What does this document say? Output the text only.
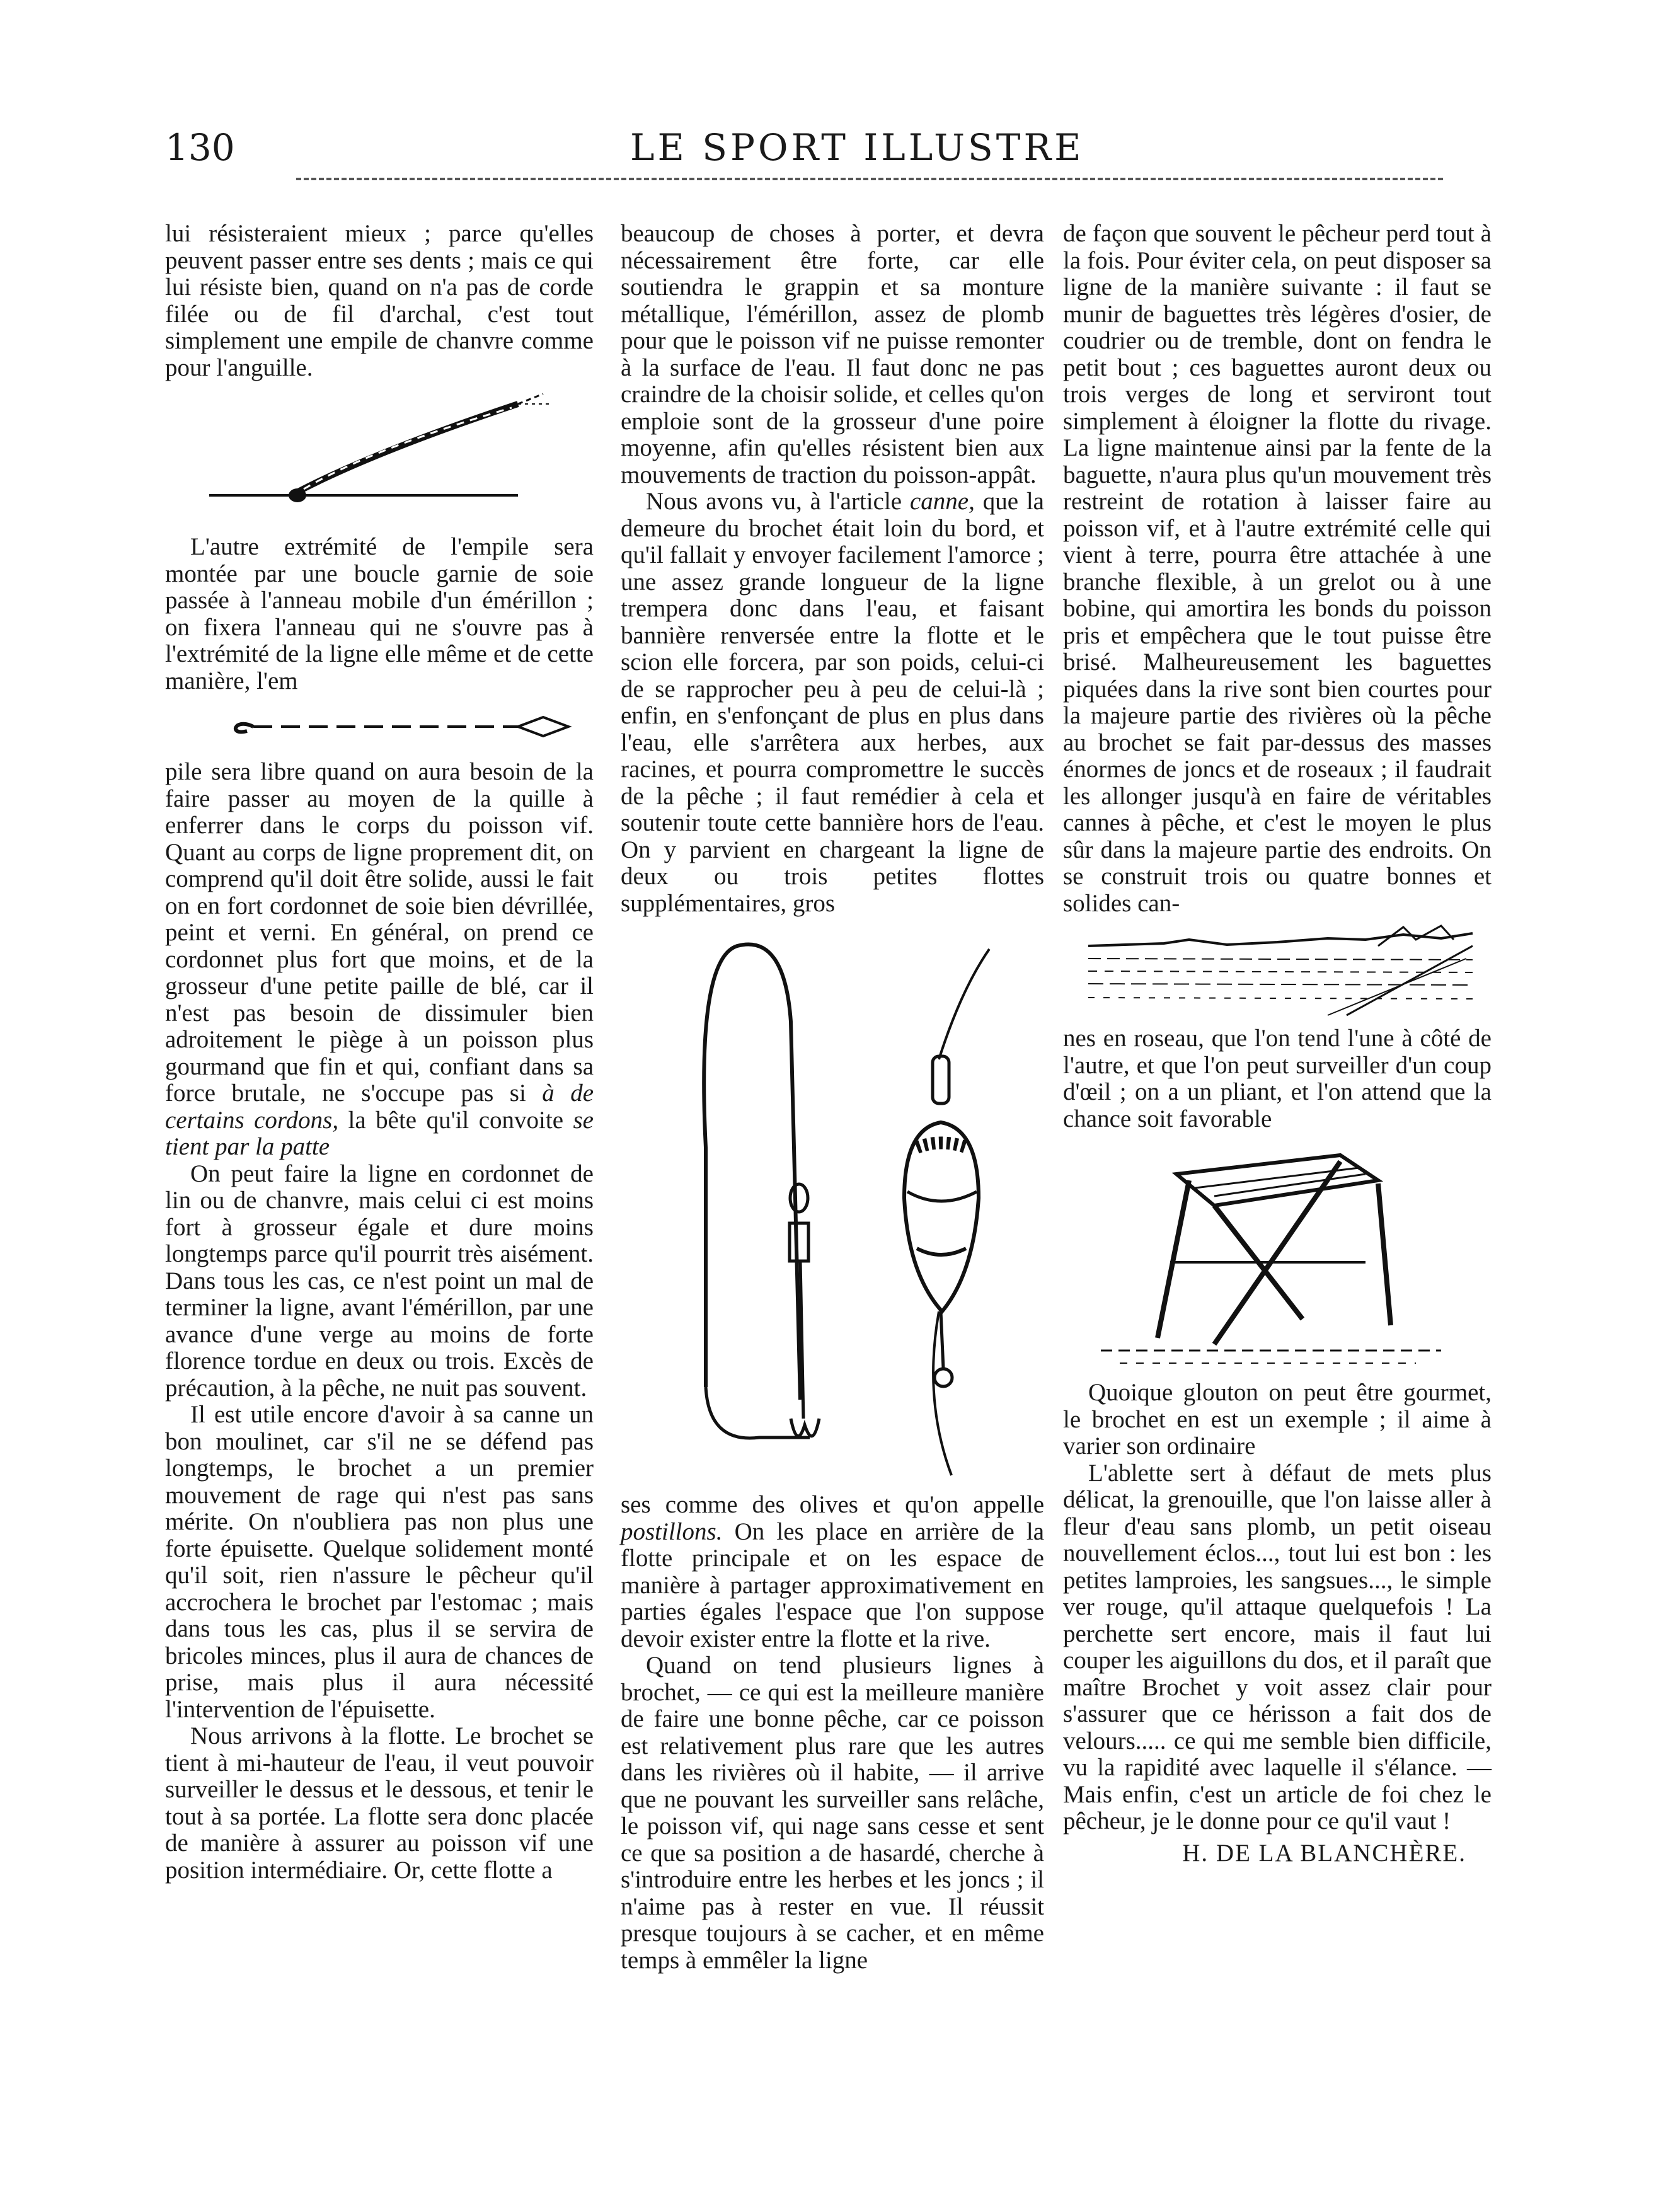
130	LE SPORT ILLUSTRE

lui résisteraient mieux ; parce qu'elles peuvent passer entre ses dents ; mais ce qui lui résiste bien, quand on n'a pas de corde filée ou de fil d'archal, c'est tout simplement une empile de chanvre comme pour l'anguille.

L'autre extrémité de l'empile sera montée par une boucle garnie de soie passée à l'anneau mobile d'un émérillon ; on fixera l'anneau qui ne s'ouvre pas à l'extrémité de la ligne elle même et de cette manière, l'em

pile sera libre quand on aura besoin de la faire passer au moyen de la quille à enferrer dans le corps du poisson vif. Quant au corps de ligne proprement dit, on comprend qu'il doit être solide, aussi le fait on en fort cordonnet de soie bien dévrillée, peint et verni. En général, on prend ce cordonnet plus fort que moins, et de la grosseur d'une petite paille de blé, car il n'est pas besoin de dissimuler bien adroitement le piège à un poisson plus gourmand que fin et qui, confiant dans sa force brutale, ne s'occupe pas si à de certains cordons, la bête qu'il convoite se tient par la patte

On peut faire la ligne en cordonnet de lin ou de chanvre, mais celui ci est moins fort à grosseur égale et dure moins longtemps parce qu'il pourrit très aisément. Dans tous les cas, ce n'est point un mal de terminer la ligne, avant l'émérillon, par une avance d'une verge au moins de forte florence tordue en deux ou trois. Excès de précaution, à la pêche, ne nuit pas souvent.

Il est utile encore d'avoir à sa canne un bon moulinet, car s'il ne se défend pas longtemps, le brochet a un premier mouvement de rage qui n'est pas sans mérite. On n'oubliera pas non plus une forte épuisette. Quelque solidement monté qu'il soit, rien n'assure le pêcheur qu'il accrochera le brochet par l'estomac ; mais dans tous les cas, plus il se servira de bricoles minces, plus il aura de chances de prise, mais plus il aura nécessité l'intervention de l'épuisette.

Nous arrivons à la flotte. Le brochet se tient à mi-hauteur de l'eau, il veut pouvoir surveiller le dessus et le dessous, et tenir le tout à sa portée. La flotte sera donc placée de manière à assurer au poisson vif une position intermédiaire. Or, cette flotte a

beaucoup de choses à porter, et devra nécessairement être forte, car elle soutiendra le grappin et sa monture métallique, l'émérillon, assez de plomb pour que le poisson vif ne puisse remonter à la surface de l'eau. Il faut donc ne pas craindre de la choisir solide, et celles qu'on emploie sont de la grosseur d'une poire moyenne, afin qu'elles résistent bien aux mouvements de traction du poisson-appât.

Nous avons vu, à l'article canne, que la demeure du brochet était loin du bord, et qu'il fallait y envoyer facilement l'amorce ; une assez grande longueur de la ligne trempera donc dans l'eau, et faisant bannière renversée entre la flotte et le scion elle forcera, par son poids, celui-ci de se rapprocher peu à peu de celui-là ; enfin, en s'enfonçant de plus en plus dans l'eau, elle s'arrêtera aux herbes, aux racines, et pourra compromettre le succès de la pêche ; il faut remédier à cela et soutenir toute cette bannière hors de l'eau. On y parvient en chargeant la ligne de deux ou trois petites flottes supplémentaires, gros

ses comme des olives et qu'on appelle postillons. On les place en arrière de la flotte principale et on les espace de manière à partager approximativement en parties égales l'espace que l'on suppose devoir exister entre la flotte et la rive.

Quand on tend plusieurs lignes à brochet, — ce qui est la meilleure manière de faire une bonne pêche, car ce poisson est relativement plus rare que les autres dans les rivières où il habite, — il arrive que ne pouvant les surveiller sans relâche, le poisson vif, qui nage sans cesse et sent ce que sa position a de hasardé, cherche à s'introduire entre les herbes et les joncs ; il n'aime pas à rester en vue. Il réussit presque toujours à se cacher, et en même temps à emmêler la ligne

de façon que souvent le pêcheur perd tout à la fois. Pour éviter cela, on peut disposer sa ligne de la manière suivante : il faut se munir de baguettes très légères d'osier, de coudrier ou de tremble, dont on fendra le petit bout ; ces baguettes auront deux ou trois verges de long et serviront tout simplement à éloigner la flotte du rivage. La ligne maintenue ainsi par la fente de la baguette, n'aura plus qu'un mouvement très restreint de rotation à laisser faire au poisson vif, et à l'autre extrémité celle qui vient à terre, pourra être attachée à une branche flexible, à un grelot ou à une bobine, qui amortira les bonds du poisson pris et empêchera que le tout puisse être brisé. Malheureusement les baguettes piquées dans la rive sont bien courtes pour la majeure partie des rivières où la pêche au brochet se fait par-dessus des masses énormes de joncs et de roseaux ; il faudrait les allonger jusqu'à en faire de véritables cannes à pêche, et c'est le moyen le plus sûr dans la majeure partie des endroits. On se construit trois ou quatre bonnes et solides can-

nes en roseau, que l'on tend l'une à côté de l'autre, et que l'on peut surveiller d'un coup d'œil ; on a un pliant, et l'on attend que la chance soit favorable

Quoique glouton on peut être gourmet, le brochet en est un exemple ; il aime à varier son ordinaire

L'ablette sert à défaut de mets plus délicat, la grenouille, que l'on laisse aller à fleur d'eau sans plomb, un petit oiseau nouvellement éclos..., tout lui est bon : les petites lamproies, les sangsues..., le simple ver rouge, qu'il attaque quelquefois ! La perchette sert encore, mais il faut lui couper les aiguillons du dos, et il paraît que maître Brochet y voit assez clair pour s'assurer que ce hérisson a fait dos de velours..... ce qui me semble bien difficile, vu la rapidité avec laquelle il s'élance. — Mais enfin, c'est un article de foi chez le pêcheur, je le donne pour ce qu'il vaut !

H. DE LA BLANCHÈRE.
